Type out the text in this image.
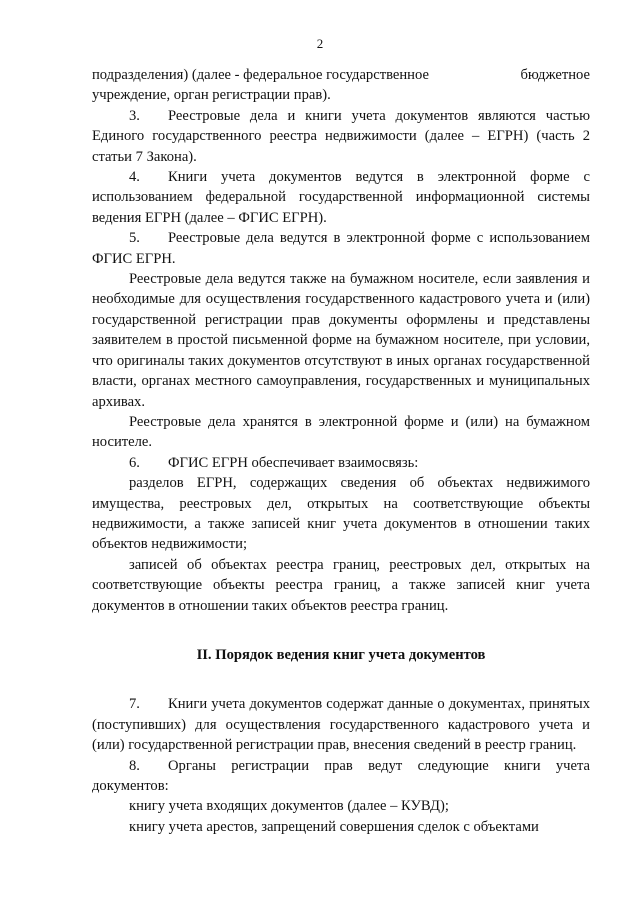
2
подразделения) (далее - федеральное государственное	бюджетное

учреждение, орган регистрации прав).

3. Реестровые дела и книги учета документов являются частью Единого государственного реестра недвижимости (далее – ЕГРН) (часть 2 статьи 7 Закона).

4. Книги учета документов ведутся в электронной форме с использованием федеральной государственной информационной системы ведения ЕГРН (далее – ФГИС ЕГРН).

5. Реестровые дела ведутся в электронной форме с использованием ФГИС ЕГРН.

Реестровые дела ведутся также на бумажном носителе, если заявления и необходимые для осуществления государственного кадастрового учета и (или) государственной регистрации прав документы оформлены и представлены заявителем в простой письменной форме на бумажном носителе, при условии, что оригиналы таких документов отсутствуют в иных органах государственной власти, органах местного самоуправления, государственных и муниципальных архивах.

Реестровые дела хранятся в электронной форме и (или) на бумажном носителе.

6. ФГИС ЕГРН обеспечивает взаимосвязь:

разделов ЕГРН, содержащих сведения об объектах недвижимого имущества, реестровых дел, открытых на соответствующие объекты недвижимости, а также записей книг учета документов в отношении таких объектов недвижимости;

записей об объектах реестра границ, реестровых дел, открытых на соответствующие объекты реестра границ, а также записей книг учета документов в отношении таких объектов реестра границ.

II. Порядок ведения книг учета документов

7. Книги учета документов содержат данные о документах, принятых (поступивших) для осуществления государственного кадастрового учета и (или) государственной регистрации прав, внесения сведений в реестр границ.

8. Органы регистрации прав ведут следующие книги учета документов:

книгу учета входящих документов (далее – КУВД);

книгу учета арестов, запрещений совершения сделок с объектами
